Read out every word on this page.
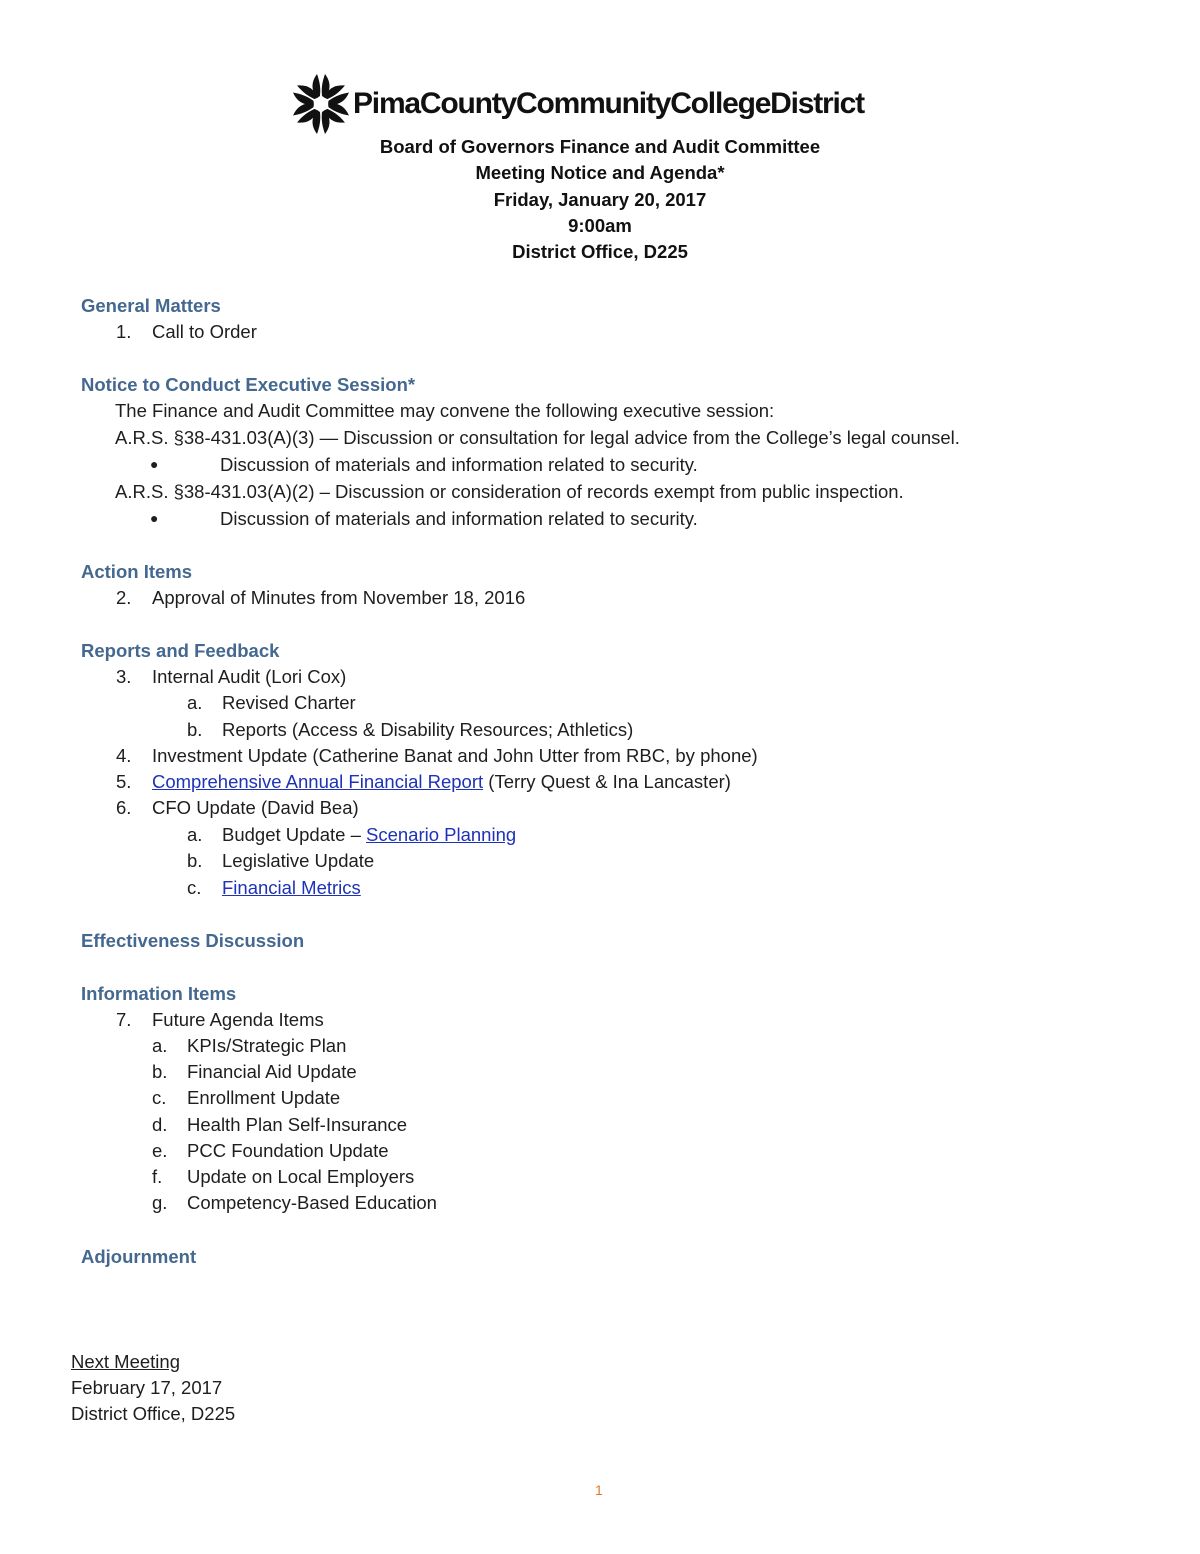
PimaCountyCommunityCollegeDistrict
Board of Governors Finance and Audit Committee
Meeting Notice and Agenda*
Friday, January 20, 2017
9:00am
District Office, D225
General Matters
1. Call to Order
Notice to Conduct Executive Session*
The Finance and Audit Committee may convene the following executive session:
A.R.S. §38-431.03(A)(3) — Discussion or consultation for legal advice from the College’s legal counsel.
●	Discussion of materials and information related to security.
A.R.S. §38-431.03(A)(2) – Discussion or consideration of records exempt from public inspection.
●	Discussion of materials and information related to security.
Action Items
2. Approval of Minutes from November 18, 2016
Reports and Feedback
3. Internal Audit (Lori Cox)
a. Revised Charter
b. Reports (Access & Disability Resources; Athletics)
4. Investment Update (Catherine Banat and John Utter from RBC, by phone)
5. Comprehensive Annual Financial Report (Terry Quest & Ina Lancaster)
6. CFO Update (David Bea)
a. Budget Update – Scenario Planning
b. Legislative Update
c. Financial Metrics
Effectiveness Discussion
Information Items
7. Future Agenda Items
a. KPIs/Strategic Plan
b. Financial Aid Update
c. Enrollment Update
d. Health Plan Self-Insurance
e. PCC Foundation Update
f. Update on Local Employers
g. Competency-Based Education
Adjournment
Next Meeting
February 17, 2017
District Office, D225
1
